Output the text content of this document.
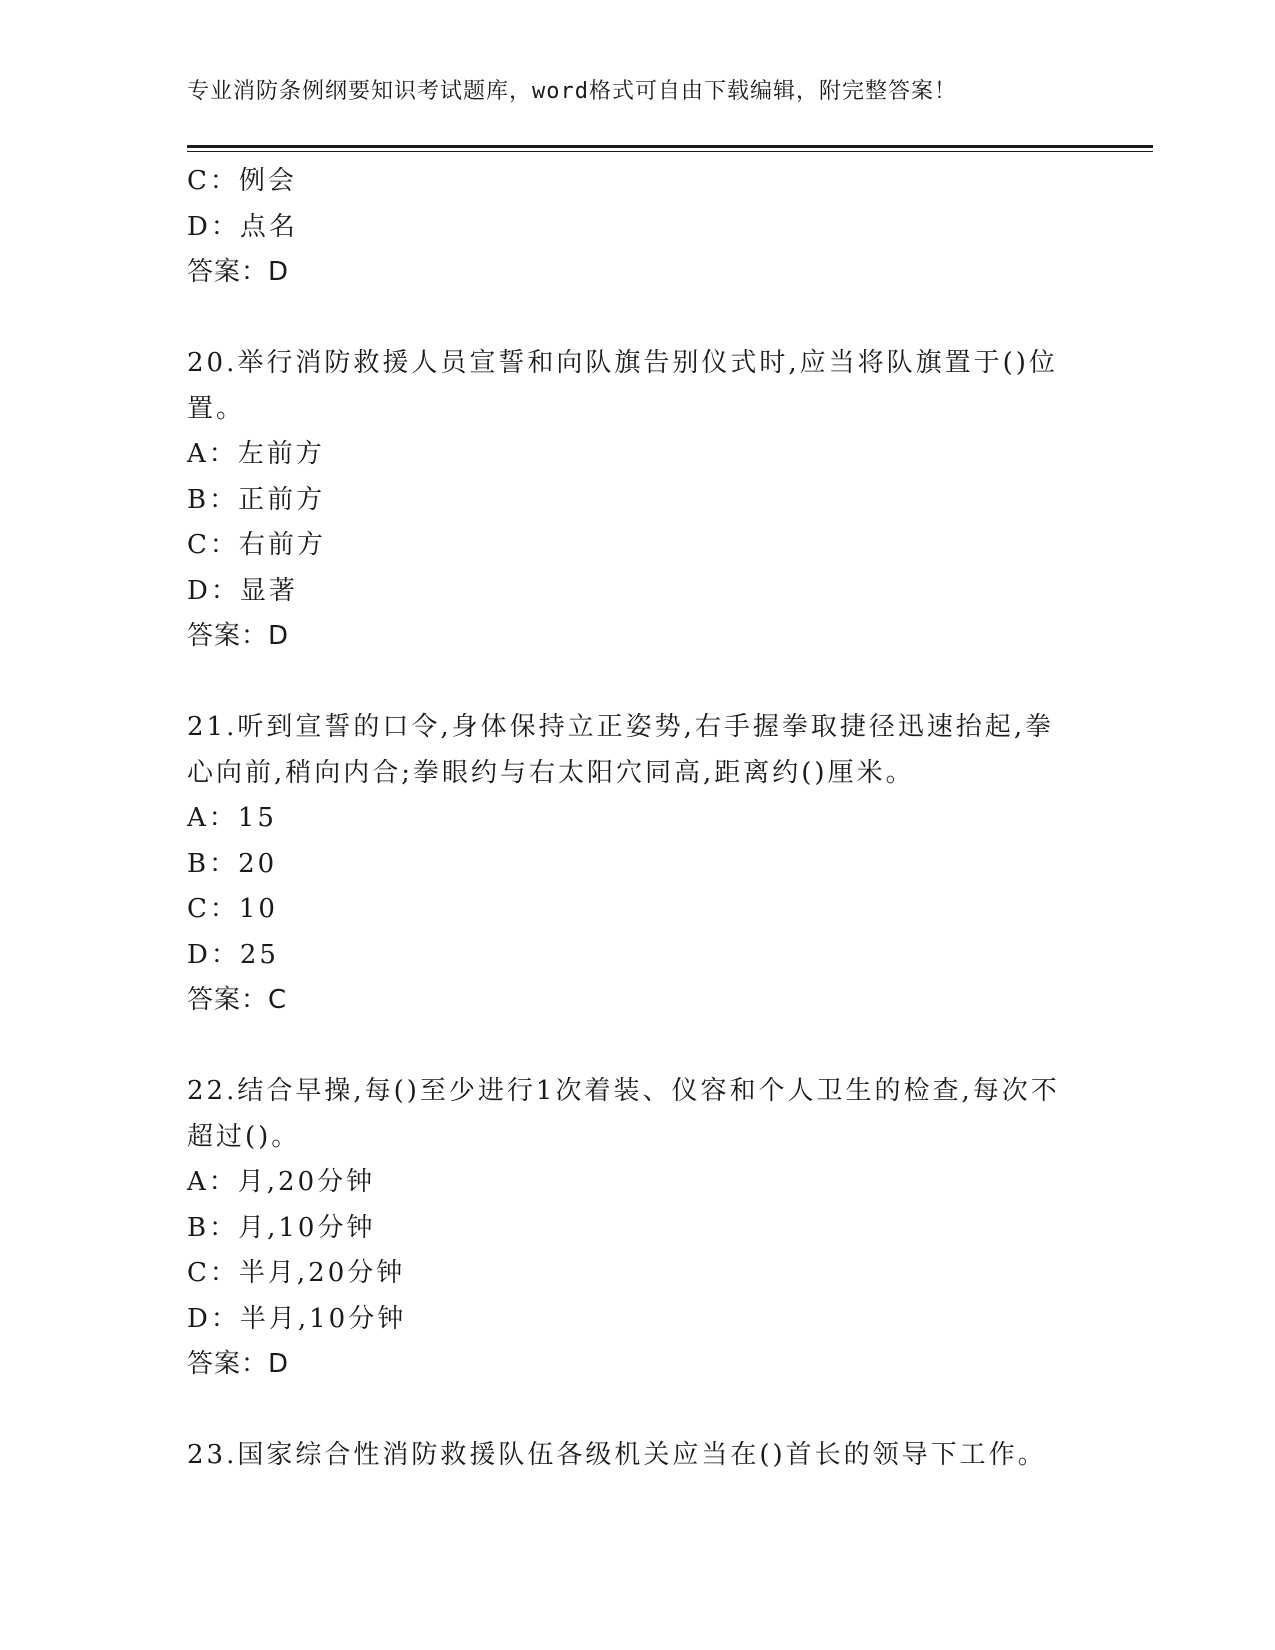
专业消防条例纲要知识考试题库，word格式可自由下载编辑，附完整答案！
C：例会
D：点名
答案：D
20.举行消防救援人员宣誓和向队旗告别仪式时,应当将队旗置于()位
置。
A：左前方
B：正前方
C：右前方
D：显著
答案：D
21.听到宣誓的口令,身体保持立正姿势,右手握拳取捷径迅速抬起,拳
心向前,稍向内合;拳眼约与右太阳穴同高,距离约()厘米。
A：15
B：20
C：10
D：25
答案：C
22.结合早操,每()至少进行1次着装、仪容和个人卫生的检查,每次不
超过()。
A：月,20分钟
B：月,10分钟
C：半月,20分钟
D：半月,10分钟
答案：D
23.国家综合性消防救援队伍各级机关应当在()首长的领导下工作。
